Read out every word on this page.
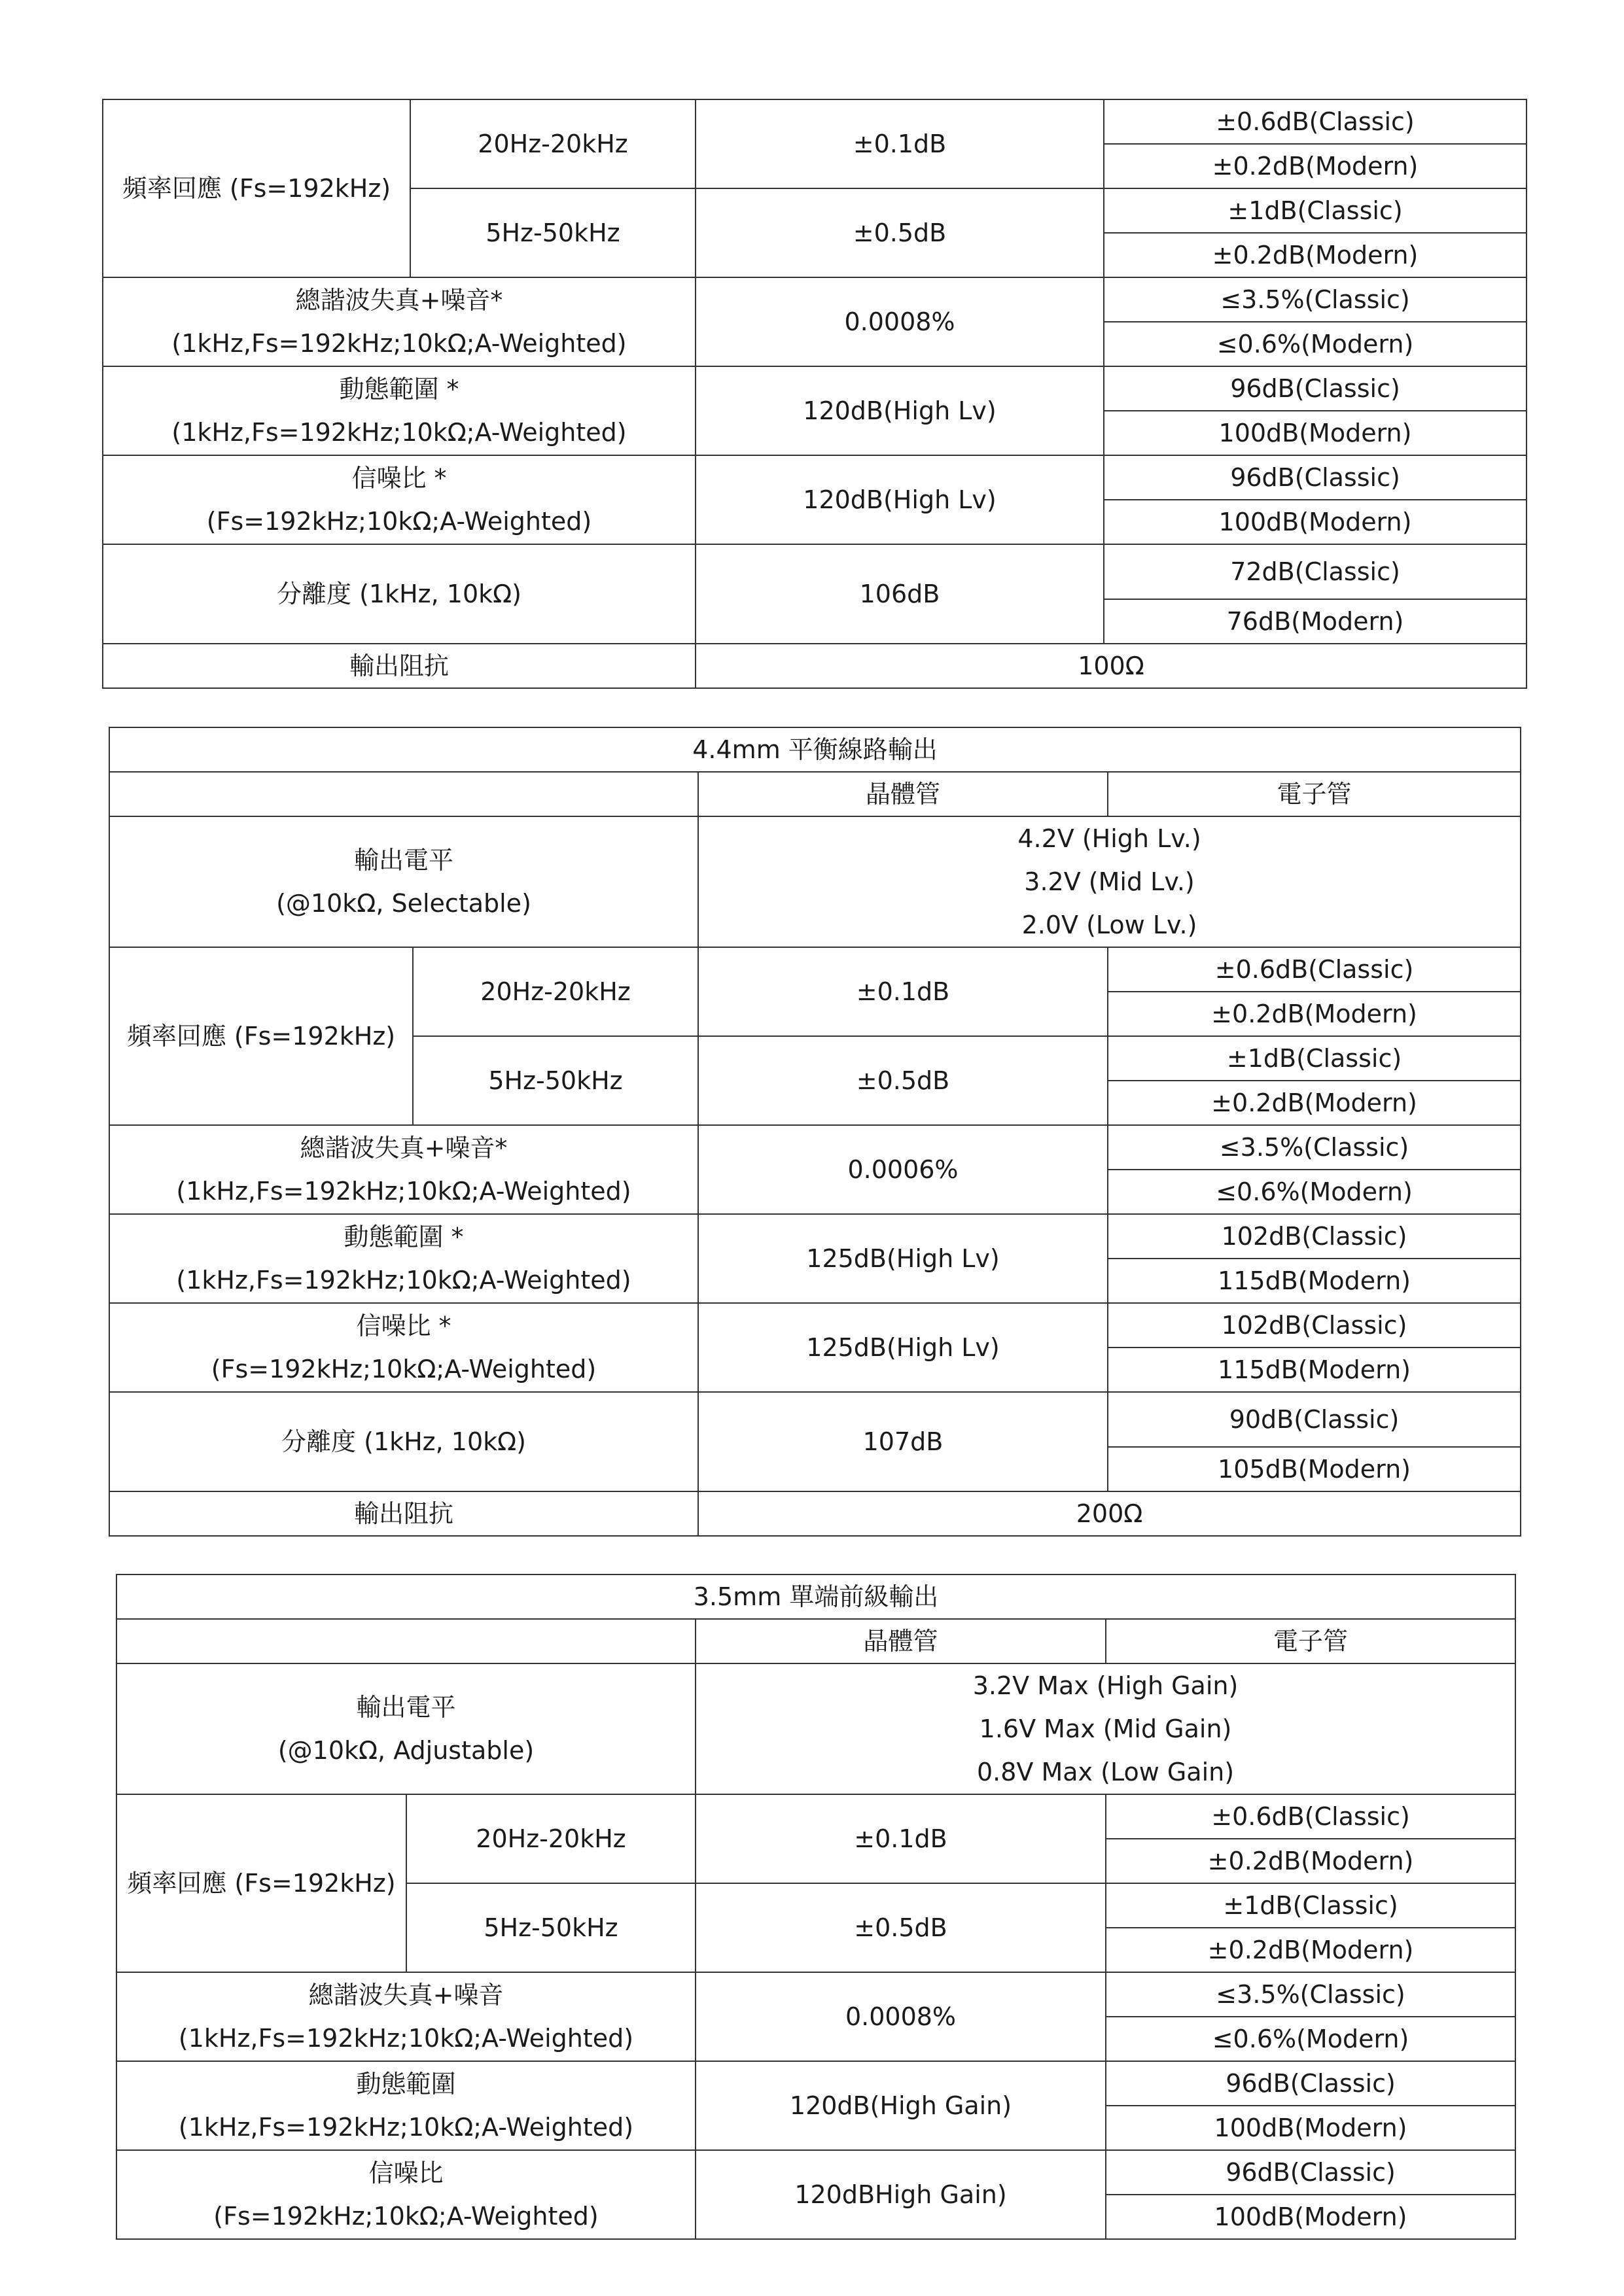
頻率回應 (Fs=192kHz)	20Hz-20kHz	±0.1dB	±0.6dB(Classic)
			±0.2dB(Modern)
	5Hz-50kHz	±0.5dB	±1dB(Classic)
			±0.2dB(Modern)

總諧波失真+噪音*
(1kHz,Fs=192kHz;10kΩ;A-Weighted)		0.0008%	≤3.5%(Classic)
			≤0.6%(Modern)

動態範圍 *
(1kHz,Fs=192kHz;10kΩ;A-Weighted)		120dB(High Lv)	96dB(Classic)
			100dB(Modern)

信噪比 *
(Fs=192kHz;10kΩ;A-Weighted)		120dB(High Lv)	96dB(Classic)
			100dB(Modern)
分離度 (1kHz, 10kΩ)		106dB	72dB(Classic)
			76dB(Modern)
輸出阻抗		100Ω	
4.4mm 平衡線路輸出			
		晶體管	電子管

輸出電平
(@10kΩ, Selectable)		4.2V (High Lv.)
3.2V (Mid Lv.)
2.0V (Low Lv.)	

頻率回應 (Fs=192kHz)	20Hz-20kHz	±0.1dB	±0.6dB(Classic)
			±0.2dB(Modern)
	5Hz-50kHz	±0.5dB	±1dB(Classic)
			±0.2dB(Modern)

總諧波失真+噪音*
(1kHz,Fs=192kHz;10kΩ;A-Weighted)		0.0006%	≤3.5%(Classic)
			≤0.6%(Modern)

動態範圍 *
(1kHz,Fs=192kHz;10kΩ;A-Weighted)		125dB(High Lv)	102dB(Classic)
			115dB(Modern)

信噪比 *
(Fs=192kHz;10kΩ;A-Weighted)		125dB(High Lv)	102dB(Classic)
			115dB(Modern)
分離度 (1kHz, 10kΩ)		107dB	90dB(Classic)
			105dB(Modern)
輸出阻抗		200Ω	
3.5mm 單端前級輸出			
		晶體管	電子管

輸出電平
(@10kΩ, Adjustable)		3.2V Max (High Gain)
1.6V Max (Mid Gain)
0.8V Max (Low Gain)	

頻率回應 (Fs=192kHz)	20Hz-20kHz	±0.1dB	±0.6dB(Classic)
			±0.2dB(Modern)
	5Hz-50kHz	±0.5dB	±1dB(Classic)
			±0.2dB(Modern)

總諧波失真+噪音
(1kHz,Fs=192kHz;10kΩ;A-Weighted)		0.0008%	≤3.5%(Classic)
			≤0.6%(Modern)

動態範圍
(1kHz,Fs=192kHz;10kΩ;A-Weighted)		120dB(High Gain)	96dB(Classic)
			100dB(Modern)

信噪比
(Fs=192kHz;10kΩ;A-Weighted)		120dBHigh Gain)	96dB(Classic)
			100dB(Modern)
